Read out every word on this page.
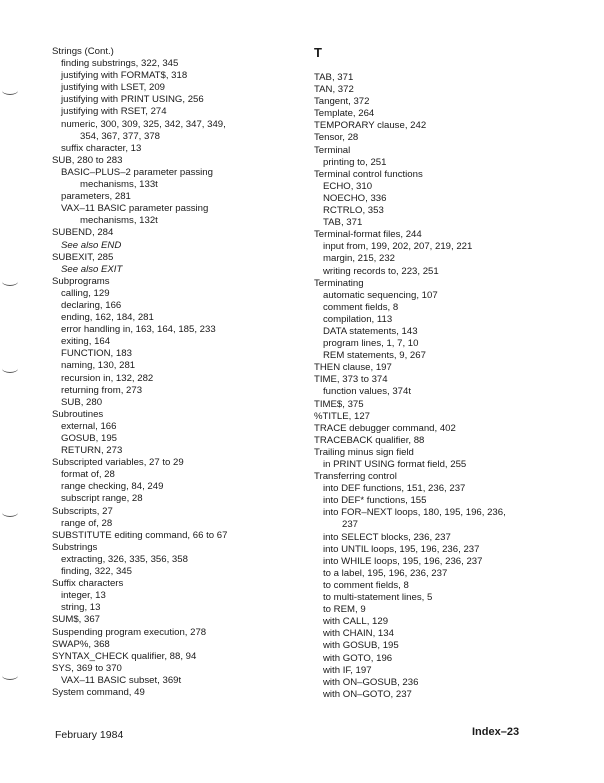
Strings (Cont.)
finding substrings, 322, 345
justifying with FORMAT$, 318
justifying with LSET, 209
justifying with PRINT USING, 256
justifying with RSET, 274
numeric, 300, 309, 325, 342, 347, 349,
354, 367, 377, 378
suffix character, 13
SUB, 280 to 283
BASIC–PLUS–2 parameter passing
mechanisms, 133t
parameters, 281
VAX–11 BASIC parameter passing
mechanisms, 132t
SUBEND, 284
See also END
SUBEXIT, 285
See also EXIT
Subprograms
calling, 129
declaring, 166
ending, 162, 184, 281
error handling in, 163, 164, 185, 233
exiting, 164
FUNCTION, 183
naming, 130, 281
recursion in, 132, 282
returning from, 273
SUB, 280
Subroutines
external, 166
GOSUB, 195
RETURN, 273
Subscripted variables, 27 to 29
format of, 28
range checking, 84, 249
subscript range, 28
Subscripts, 27
range of, 28
SUBSTITUTE editing command, 66 to 67
Substrings
extracting, 326, 335, 356, 358
finding, 322, 345
Suffix characters
integer, 13
string, 13
SUM$, 367
Suspending program execution, 278
SWAP%, 368
SYNTAX_CHECK qualifier, 88, 94
SYS, 369 to 370
VAX–11 BASIC subset, 369t
System command, 49
T
TAB, 371
TAN, 372
Tangent, 372
Template, 264
TEMPORARY clause, 242
Tensor, 28
Terminal
printing to, 251
Terminal control functions
ECHO, 310
NOECHO, 336
RCTRLO, 353
TAB, 371
Terminal-format files, 244
input from, 199, 202, 207, 219, 221
margin, 215, 232
writing records to, 223, 251
Terminating
automatic sequencing, 107
comment fields, 8
compilation, 113
DATA statements, 143
program lines, 1, 7, 10
REM statements, 9, 267
THEN clause, 197
TIME, 373 to 374
function values, 374t
TIME$, 375
%TITLE, 127
TRACE debugger command, 402
TRACEBACK qualifier, 88
Trailing minus sign field
in PRINT USING format field, 255
Transferring control
into DEF functions, 151, 236, 237
into DEF* functions, 155
into FOR–NEXT loops, 180, 195, 196, 236,
237
into SELECT blocks, 236, 237
into UNTIL loops, 195, 196, 236, 237
into WHILE loops, 195, 196, 236, 237
to a label, 195, 196, 236, 237
to comment fields, 8
to multi-statement lines, 5
to REM, 9
with CALL, 129
with CHAIN, 134
with GOSUB, 195
with GOTO, 196
with IF, 197
with ON–GOSUB, 236
with ON–GOTO, 237
February 1984	Index–23
